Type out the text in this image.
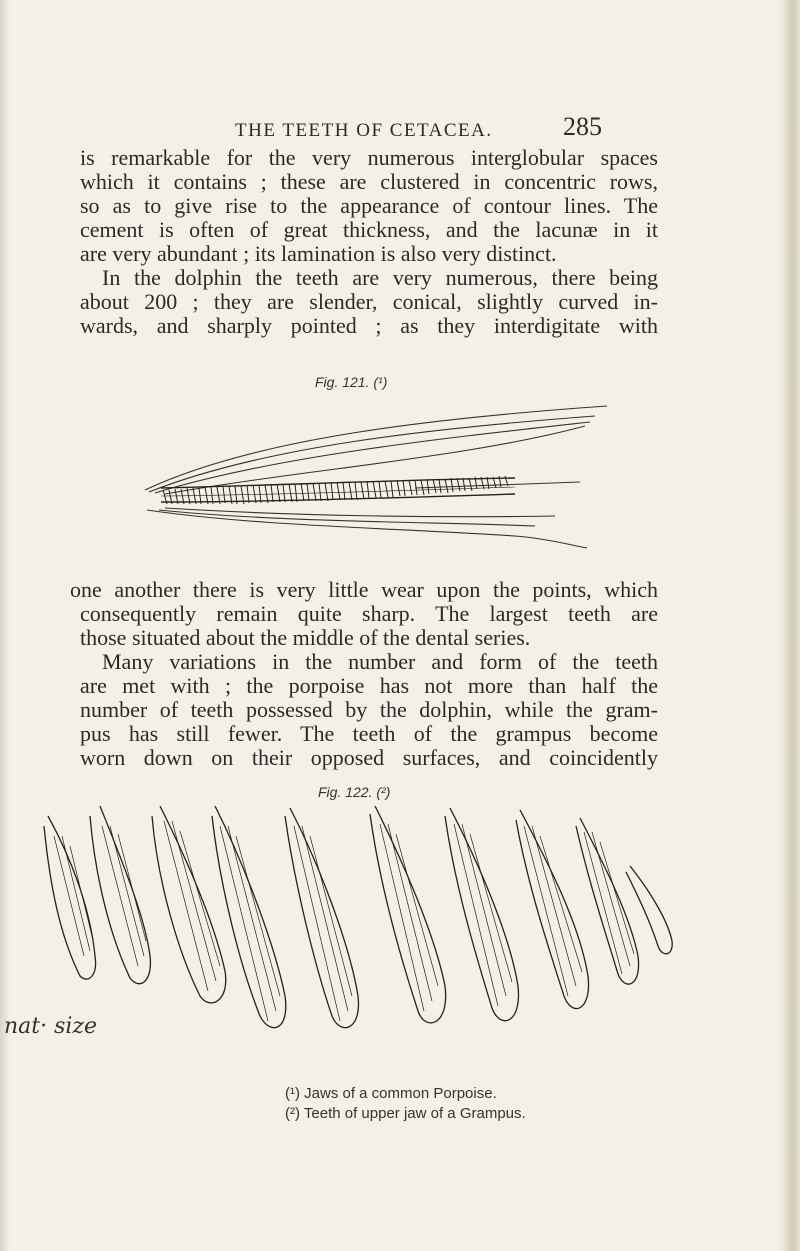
THE TEETH OF CETACEA.	285
is remarkable for the very numerous interglobular spaces
which it contains ; these are clustered in concentric rows,
so as to give rise to the appearance of contour lines. The
cement is often of great thickness, and the lacunæ in it
are very abundant ; its lamination is also very distinct.
In the dolphin the teeth are very numerous, there being
about 200 ; they are slender, conical, slightly curved in-
wards, and sharply pointed ; as they interdigitate with
Fig. 121. (¹)
one another there is very little wear upon the points, which
consequently remain quite sharp. The largest teeth are
those situated about the middle of the dental series.
Many variations in the number and form of the teeth
are met with ; the porpoise has not more than half the
number of teeth possessed by the dolphin, while the gram-
pus has still fewer. The teeth of the grampus become
worn down on their opposed surfaces, and coincidently
Fig. 122. (²)
nat· size
(¹) Jaws of a common Porpoise.
(²) Teeth of upper jaw of a Grampus.
